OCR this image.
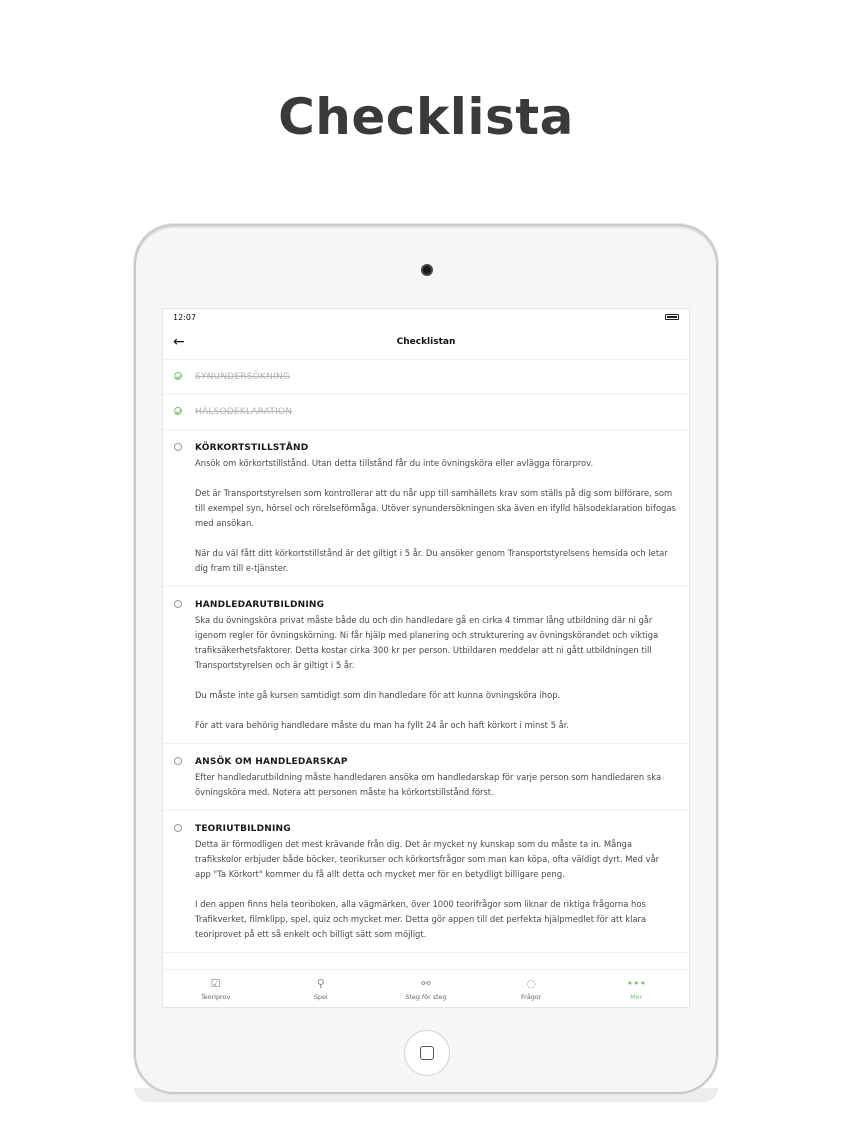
Checklista
12:07
←	Checklistan
SYNUNDERSÖKNING
HÄLSODEKLARATION
KÖRKORTSTILLSTÅND
Ansök om körkortstillstånd. Utan detta tillstånd får du inte övningsköra eller avlägga förarprov.
Det är Transportstyrelsen som kontrollerar att du når upp till samhällets krav som ställs på dig som bilförare, som till exempel syn, hörsel och rörelseförmåga. Utöver synundersökningen ska även en ifylld hälsodeklaration bifogas med ansökan.
När du väl fått ditt körkortstillstånd är det giltigt i 5 år. Du ansöker genom Transportstyrelsens hemsida och letar dig fram till e-tjänster.
HANDLEDARUTBILDNING
Ska du övningsköra privat måste både du och din handledare gå en cirka 4 timmar lång utbildning där ni går igenom regler för övningskörning. Ni får hjälp med planering och strukturering av övningskörandet och viktiga trafiksäkerhetsfaktorer. Detta kostar cirka 300 kr per person. Utbildaren meddelar att ni gått utbildningen till Transportstyrelsen och är giltigt i 5 år.
Du måste inte gå kursen samtidigt som din handledare för att kunna övningsköra ihop.
För att vara behörig handledare måste du man ha fyllt 24 år och haft körkort i minst 5 år.
ANSÖK OM HANDLEDARSKAP
Efter handledarutbildning måste handledaren ansöka om handledarskap för varje person som handledaren ska övningsköra med. Notera att personen måste ha körkortstillstånd först.
TEORIUTBILDNING
Detta är förmodligen det mest krävande från dig. Det är mycket ny kunskap som du måste ta in. Många trafikskolor erbjuder både böcker, teorikurser och körkortsfrågor som man kan köpa, ofta väldigt dyrt. Med vår app "Ta Körkort" kommer du få allt detta och mycket mer för en betydligt billigare peng.
I den appen finns hela teoriboken, alla vägmärken, över 1000 teorifrågor som liknar de riktiga frågorna hos Trafikverket, filmklipp, spel, quiz och mycket mer. Detta gör appen till det perfekta hjälpmedlet för att klara teoriprovet på ett så enkelt och billigt sätt som möjligt.
☑
Teoriprov
⚲
Spel
⚯
Steg för steg
◌
Frågor
•••
Mer
